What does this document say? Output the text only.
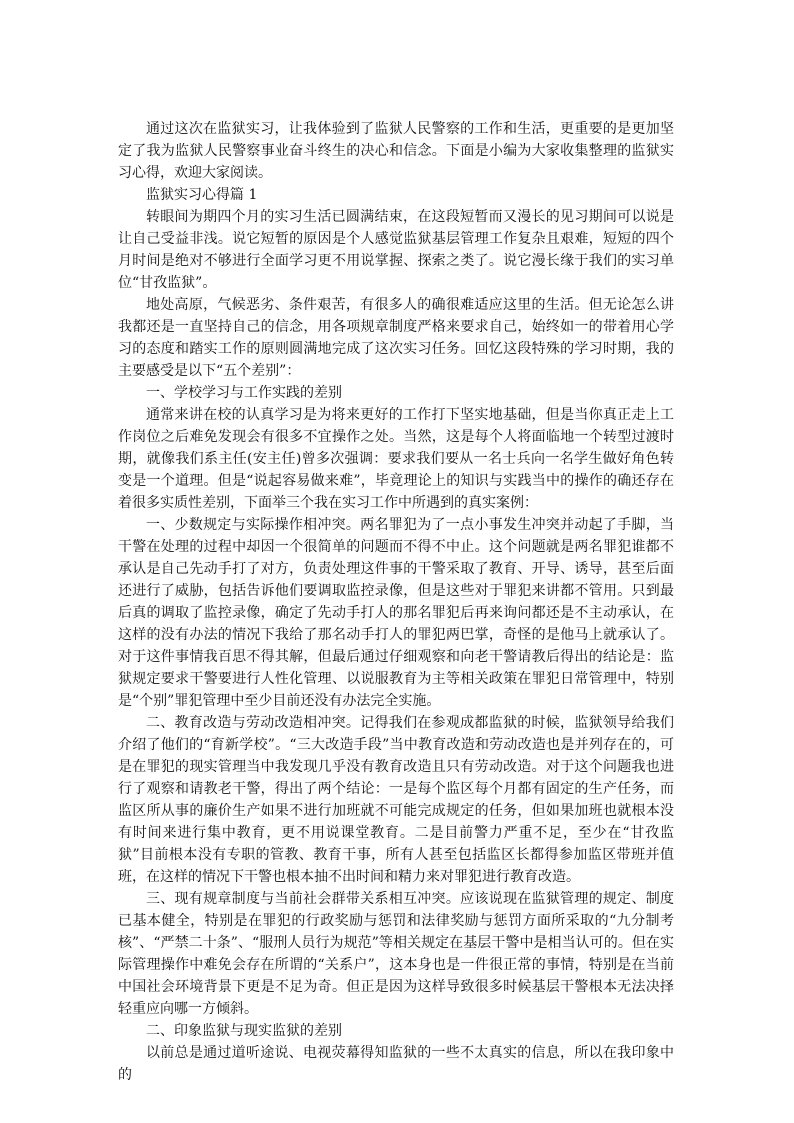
通过这次在监狱实习，让我体验到了监狱人民警察的工作和生活，更重要的是更加坚定了我为监狱人民警察事业奋斗终生的决心和信念。下面是小编为大家收集整理的监狱实习心得，欢迎大家阅读。

监狱实习心得篇 1

转眼间为期四个月的实习生活已圆满结束，在这段短暂而又漫长的见习期间可以说是让自己受益非浅。说它短暂的原因是个人感觉监狱基层管理工作复杂且艰难，短短的四个月时间是绝对不够进行全面学习更不用说掌握、探索之类了。说它漫长缘于我们的实习单位“甘孜监狱”。

地处高原，气候恶劣、条件艰苦，有很多人的确很难适应这里的生活。但无论怎么讲我都还是一直坚持自己的信念，用各项规章制度严格来要求自己，始终如一的带着用心学习的态度和踏实工作的原则圆满地完成了这次实习任务。回忆这段特殊的学习时期，我的主要感受是以下“五个差别”：

一、学校学习与工作实践的差别

通常来讲在校的认真学习是为将来更好的工作打下坚实地基础，但是当你真正走上工作岗位之后难免发现会有很多不宜操作之处。当然，这是每个人将面临地一个转型过渡时期，就像我们系主任(安主任)曾多次强调：要求我们要从一名士兵向一名学生做好角色转变是一个道理。但是“说起容易做来难”，毕竟理论上的知识与实践当中的操作的确还存在着很多实质性差别，下面举三个我在实习工作中所遇到的真实案例：

一、少数规定与实际操作相冲突。两名罪犯为了一点小事发生冲突并动起了手脚，当干警在处理的过程中却因一个很简单的问题而不得不中止。这个问题就是两名罪犯谁都不承认是自己先动手打了对方，负责处理这件事的干警采取了教育、开导、诱导，甚至后面还进行了威胁，包括告诉他们要调取监控录像，但是这些对于罪犯来讲都不管用。只到最后真的调取了监控录像，确定了先动手打人的那名罪犯后再来询问都还是不主动承认，在这样的没有办法的情况下我给了那名动手打人的罪犯两巴掌，奇怪的是他马上就承认了。对于这件事情我百思不得其解，但最后通过仔细观察和向老干警请教后得出的结论是：监狱规定要求干警要进行人性化管理、以说服教育为主等相关政策在罪犯日常管理中，特别是“个别”罪犯管理中至少目前还没有办法完全实施。

二、教育改造与劳动改造相冲突。记得我们在参观成都监狱的时候，监狱领导给我们介绍了他们的“育新学校”。“三大改造手段”当中教育改造和劳动改造也是并列存在的，可是在罪犯的现实管理当中我发现几乎没有教育改造且只有劳动改造。对于这个问题我也进行了观察和请教老干警，得出了两个结论：一是每个监区每个月都有固定的生产任务，而监区所从事的廉价生产如果不进行加班就不可能完成规定的任务，但如果加班也就根本没有时间来进行集中教育，更不用说课堂教育。二是目前警力严重不足，至少在“甘孜监狱”目前根本没有专职的管教、教育干事，所有人甚至包括监区长都得参加监区带班并值班，在这样的情况下干警也根本抽不出时间和精力来对罪犯进行教育改造。

三、现有规章制度与当前社会群带关系相互冲突。应该说现在监狱管理的规定、制度已基本健全，特别是在罪犯的行政奖励与惩罚和法律奖励与惩罚方面所采取的“九分制考核”、“严禁二十条”、“服刑人员行为规范”等相关规定在基层干警中是相当认可的。但在实际管理操作中难免会存在所谓的“关系户”，这本身也是一件很正常的事情，特别是在当前中国社会环境背景下更是不足为奇。但正是因为这样导致很多时候基层干警根本无法决择轻重应向哪一方倾斜。

二、印象监狱与现实监狱的差别

以前总是通过道听途说、电视荧幕得知监狱的一些不太真实的信息，所以在我印象中的
